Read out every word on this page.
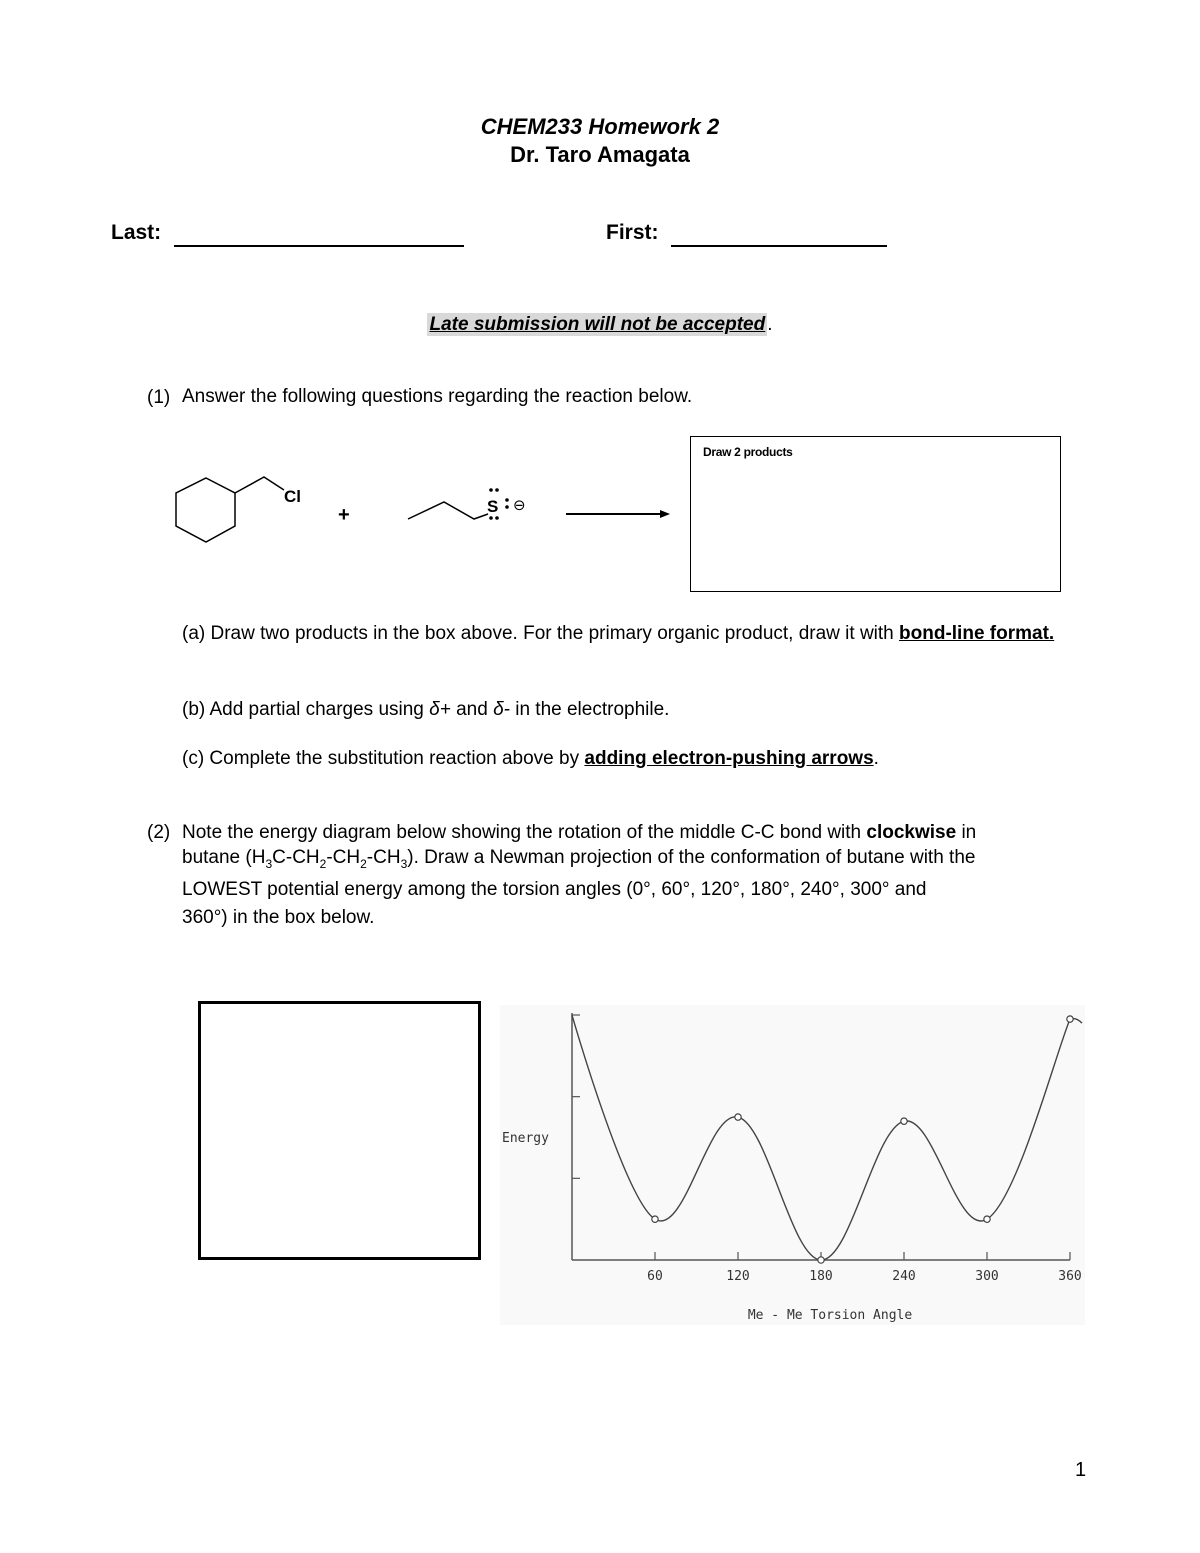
CHEM233 Homework 2
Dr. Taro Amagata
Last:	First:
Late submission will not be accepted .
(1) Answer the following questions regarding the reaction below.
Cl
+	S ⊖
Draw 2 products
(a) Draw two products in the box above. For the primary organic product, draw it with bond-line format.
(b) Add partial charges using δ+ and δ- in the electrophile.
(c) Complete the substitution reaction above by adding electron-pushing arrows.
(2) Note the energy diagram below showing the rotation of the middle C-C bond with clockwise in
butane $(H_3C-CH_2-CH_2-CH_3)$. Draw a Newman projection of the conformation of butane with the
LOWEST potential energy among the torsion angles (0°, 60°, 120°, 180°, 240°, 300° and
360°) in the box below.
Energy
Me - Me Torsion Angle
60	120	180	240	300	360
1
